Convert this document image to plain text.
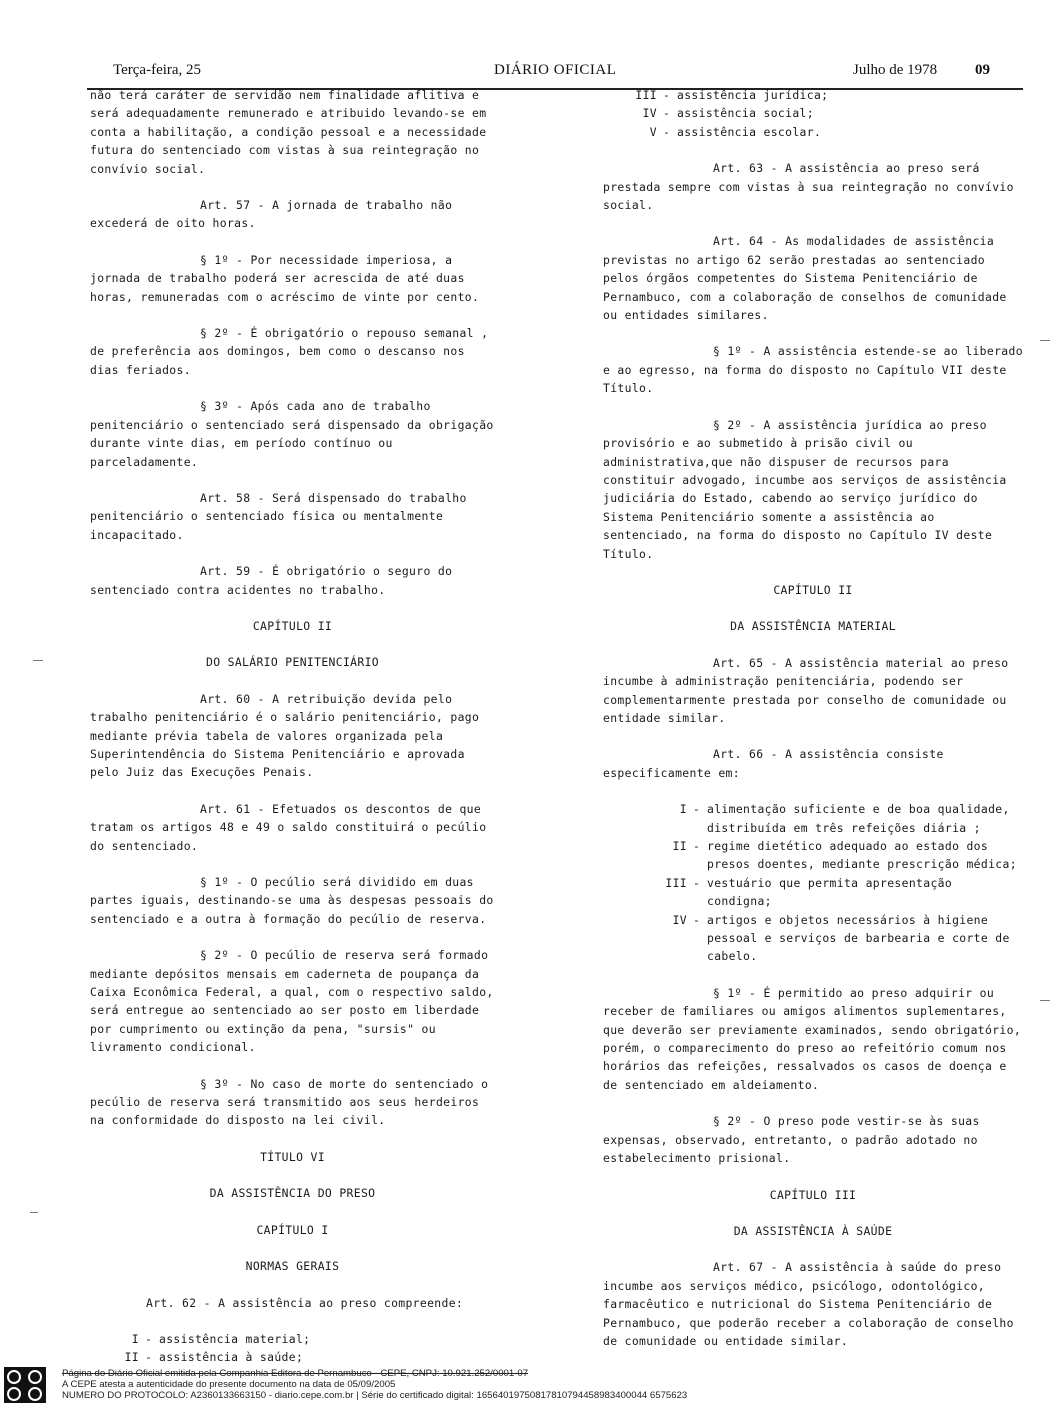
Terça-feira, 25	DIÁRIO OFICIAL	Julho de 1978	09

não terá caráter de servidão nem finalidade aflitiva e será adequadamente remunerado e atribuido levando-se em conta a habilitação, a condição pessoal e a necessidade futura do sentenciado com vistas à sua reintegração no convívio social.

Art. 57 - A jornada de trabalho não excederá de oito horas.

§ 1º - Por necessidade imperiosa, a jornada de trabalho poderá ser acrescida de até duas horas, remuneradas com o acréscimo de vinte por cento.

§ 2º - É obrigatório o repouso semanal , de preferência aos domingos, bem como o descanso nos dias feriados.

§ 3º - Após cada ano de trabalho penitenciário o sentenciado será dispensado da obrigação durante vinte dias, em período contínuo ou parceladamente.

Art. 58 - Será dispensado do trabalho penitenciário o sentenciado física ou mentalmente incapacitado.

Art. 59 - É obrigatório o seguro do sentenciado contra acidentes no trabalho.

CAPÍTULO II

DO SALÁRIO PENITENCIÁRIO

Art. 60 - A retribuição devida pelo trabalho penitenciário é o salário penitenciário, pago mediante prévia tabela de valores organizada pela Superintendência do Sistema Penitenciário e aprovada pelo Juiz das Execuções Penais.

Art. 61 - Efetuados os descontos de que tratam os artigos 48 e 49 o saldo constituirá o pecúlio do sentenciado.

§ 1º - O pecúlio será dividido em duas partes iguais, destinando-se uma às despesas pessoais do sentenciado e a outra à formação do pecúlio de reserva.

§ 2º - O pecúlio de reserva será formado mediante depósitos mensais em caderneta de poupança da Caixa Econômica Federal, a qual, com o respectivo saldo, será entregue ao sentenciado ao ser posto em liberdade por cumprimento ou extinção da pena, "sursis" ou livramento condicional.

§ 3º - No caso de morte do sentenciado o pecúlio de reserva será transmitido aos seus herdeiros na conformidade do disposto na lei civil.

TÍTULO VI

DA ASSISTÊNCIA DO PRESO

CAPÍTULO I

NORMAS GERAIS

Art. 62 - A assistência ao preso compreende:

I - assistência material;
II - assistência à saúde;
III - assistência jurídica;
IV - assistência social;
V - assistência escolar.

Art. 63 - A assistência ao preso será prestada sempre com vistas à sua reintegração no convívio social.

Art. 64 - As modalidades de assistência previstas no artigo 62 serão prestadas ao sentenciado pelos órgãos competentes do Sistema Penitenciário de Pernambuco, com a colaboração de conselhos de comunidade ou entidades similares.

§ 1º - A assistência estende-se ao liberado e ao egresso, na forma do disposto no Capítulo VII deste Título.

§ 2º - A assistência jurídica ao preso provisório e ao submetido à prisão civil ou administrativa,que não dispuser de recursos para constituir advogado, incumbe aos serviços de assistência judiciária do Estado, cabendo ao serviço jurídico do Sistema Penitenciário somente a assistência ao sentenciado, na forma do disposto no Capítulo IV deste Título.

CAPÍTULO II

DA ASSISTÊNCIA MATERIAL

Art. 65 - A assistência material ao preso incumbe à administração penitenciária, podendo ser complementarmente prestada por conselho de comunidade ou entidade similar.

Art. 66 - A assistência consiste especificamente em:

I - alimentação suficiente e de boa qualidade, distribuída em três refeições diária ;
II - regime dietético adequado ao estado dos presos doentes, mediante prescrição médica;
III - vestuário que permita apresentação condigna;
IV - artigos e objetos necessários à higiene pessoal e serviços de barbearia e corte de cabelo.

§ 1º - É permitido ao preso adquirir ou receber de familiares ou amigos alimentos suplementares, que deverão ser previamente examinados, sendo obrigatório, porém, o comparecimento do preso ao refeitório comum nos horários das refeições, ressalvados os casos de doença e de sentenciado em aldeiamento.

§ 2º - O preso pode vestir-se às suas expensas, observado, entretanto, o padrão adotado no estabelecimento prisional.

CAPÍTULO III

DA ASSISTÊNCIA À SAÚDE

Art. 67 - A assistência à saúde do preso incumbe aos serviços médico, psicólogo, odontológico, farmacêutico e nutricional do Sistema Penitenciário de Pernambuco, que poderão receber a colaboração de conselho de comunidade ou entidade similar.

Página do Diário Oficial emitida pela Companhia Editora de Pernambuco - CEPE, CNPJ: 10.921.252/0001-07
A CEPE atesta a autenticidade do presente documento na data de 05/09/2005
NUMERO DO PROTOCOLO: A2360133663150 - diario.cepe.com.br | Série do certificado digital: 16564019750817810794458983400044 6575623
